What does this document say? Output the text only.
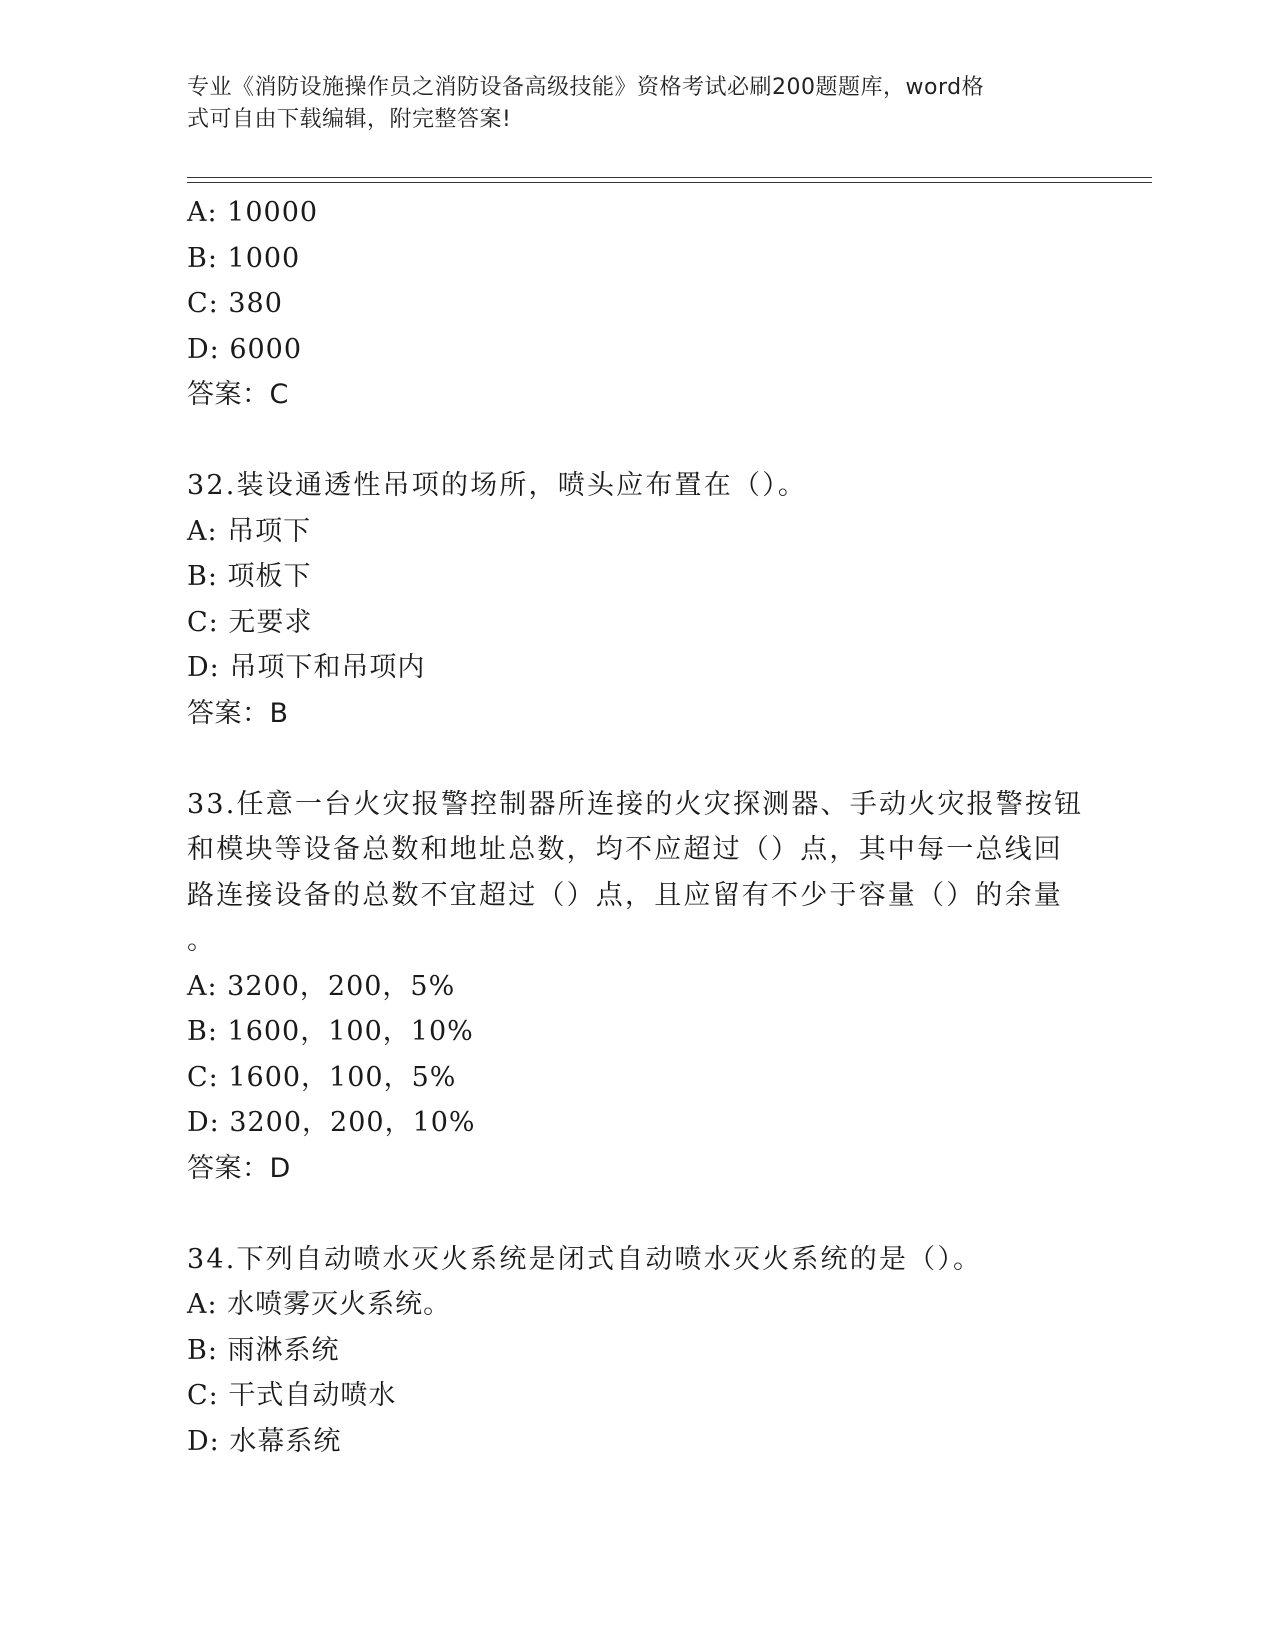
专业《消防设施操作员之消防设备高级技能》资格考试必刷200题题库，word格
式可自由下载编辑，附完整答案!
A: 10000
B: 1000
C: 380
D: 6000
答案：C
32.装设通透性吊项的场所，喷头应布置在（）。
A: 吊项下
B: 项板下
C: 无要求
D: 吊项下和吊项内
答案：B
33.任意一台火灾报警控制器所连接的火灾探测器、手动火灾报警按钮
和模块等设备总数和地址总数，均不应超过（）点，其中每一总线回
路连接设备的总数不宜超过（）点，且应留有不少于容量（）的余量
。
A: 3200，200，5%
B: 1600，100，10%
C: 1600，100，5%
D: 3200，200，10%
答案：D
34.下列自动喷水灭火系统是闭式自动喷水灭火系统的是（）。
A: 水喷雾灭火系统。
B: 雨淋系统
C: 干式自动喷水
D: 水幕系统
